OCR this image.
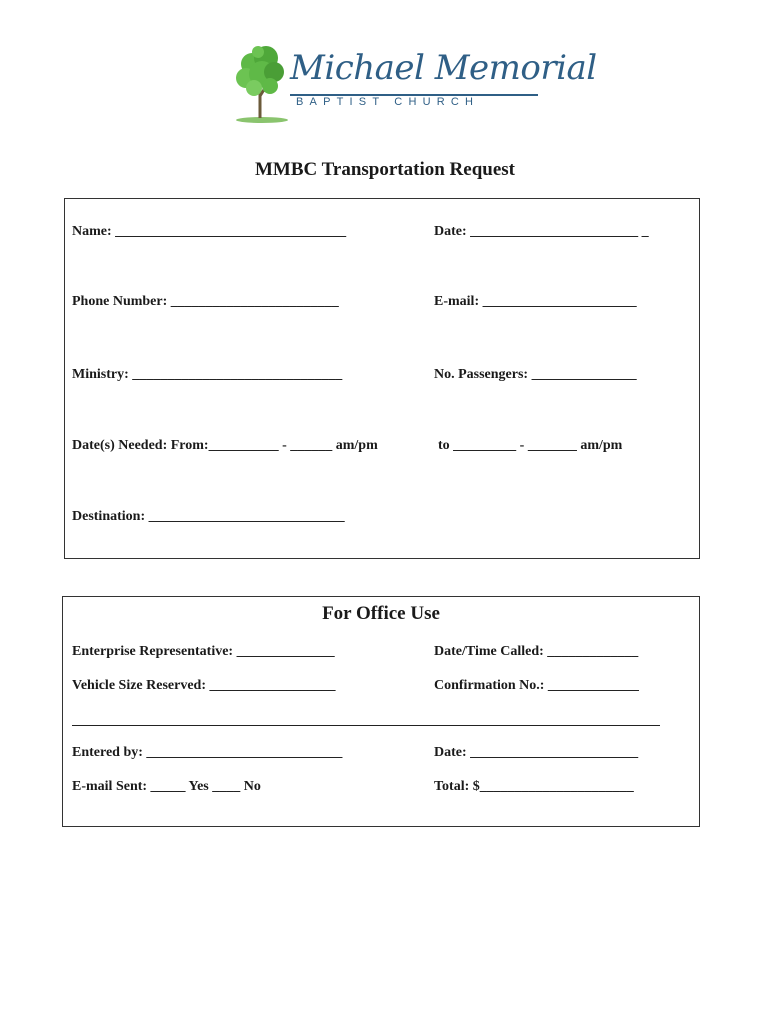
Michael Memorial
BAPTIST CHURCH
MMBC Transportation Request
Name: _________________________________	Date: ________________________ _
Phone Number: ________________________	E-mail: ______________________
Ministry: ______________________________	No. Passengers: _______________
Date(s) Needed: From:__________ - ______ am/pm	to _________ - _______ am/pm
Destination: ____________________________
For Office Use
Enterprise Representative: ______________	Date/Time Called: _____________
Vehicle Size Reserved: __________________	Confirmation No.: _____________
Entered by: ____________________________	Date: ________________________
E-mail Sent: _____ Yes ____ No	Total: $______________________
